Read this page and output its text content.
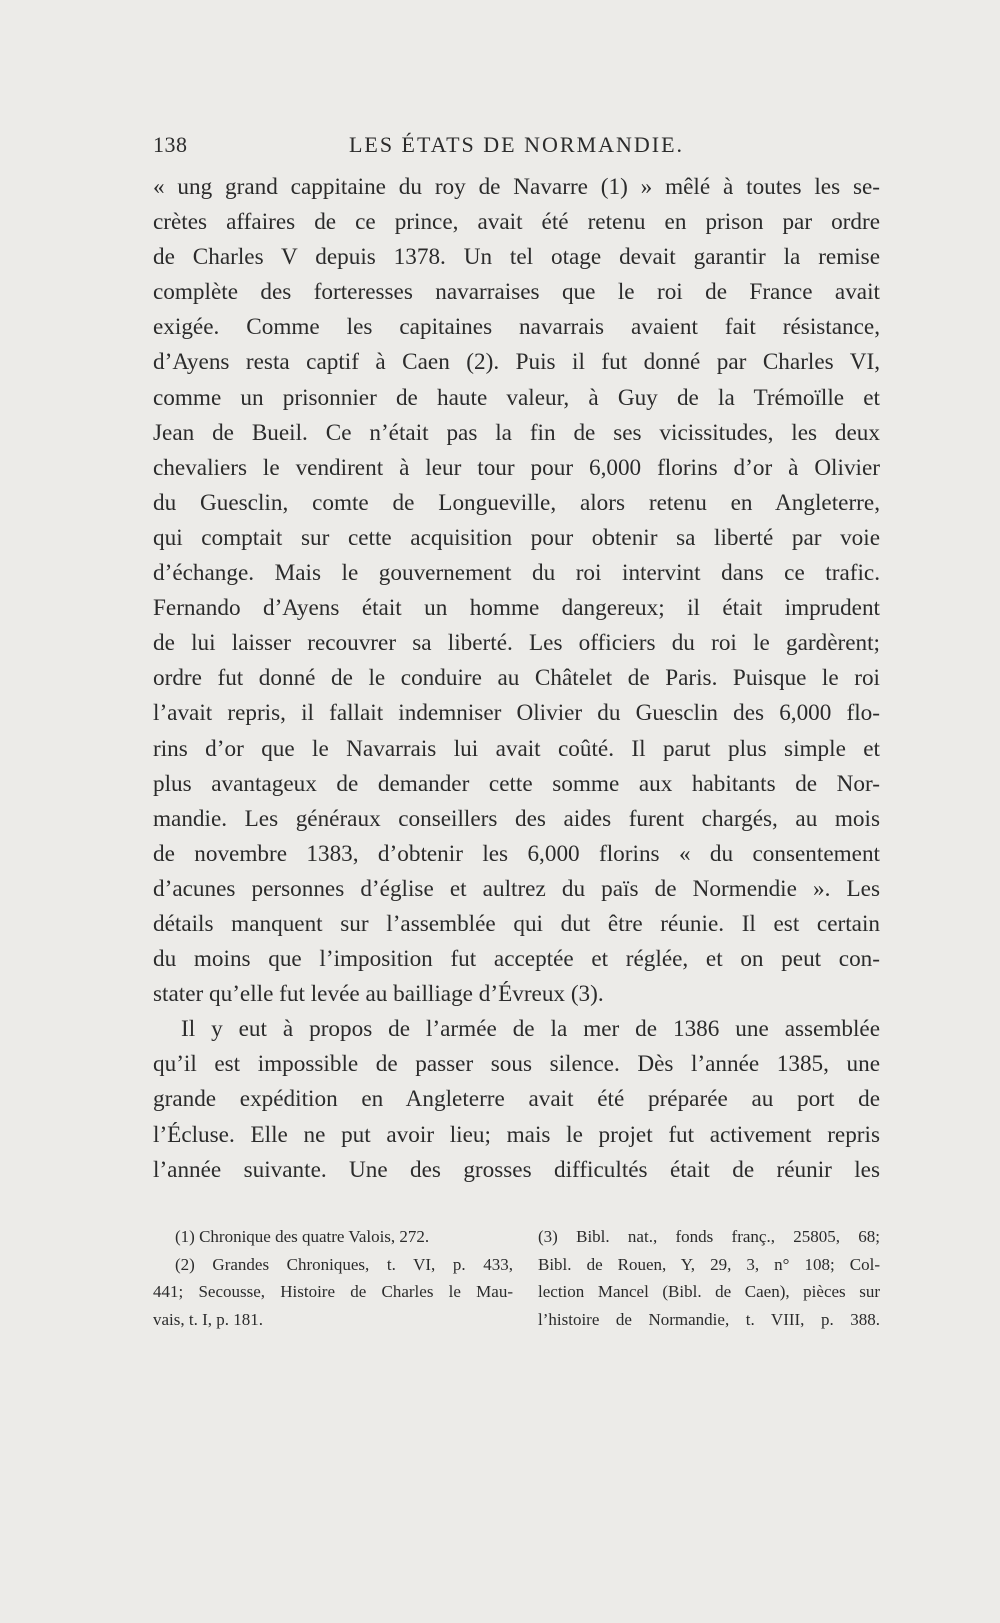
138	LES ÉTATS DE NORMANDIE.
« ung grand cappitaine du roy de Navarre (1) » mêlé à toutes les se-
crètes affaires de ce prince, avait été retenu en prison par ordre
de Charles V depuis 1378. Un tel otage devait garantir la remise
complète des forteresses navarraises que le roi de France avait
exigée. Comme les capitaines navarrais avaient fait résistance,
d’Ayens resta captif à Caen (2). Puis il fut donné par Charles VI,
comme un prisonnier de haute valeur, à Guy de la Trémoïlle et
Jean de Bueil. Ce n’était pas la fin de ses vicissitudes, les deux
chevaliers le vendirent à leur tour pour 6,000 florins d’or à Olivier
du Guesclin, comte de Longueville, alors retenu en Angleterre,
qui comptait sur cette acquisition pour obtenir sa liberté par voie
d’échange. Mais le gouvernement du roi intervint dans ce trafic.
Fernando d’Ayens était un homme dangereux; il était imprudent
de lui laisser recouvrer sa liberté. Les officiers du roi le gardèrent;
ordre fut donné de le conduire au Châtelet de Paris. Puisque le roi
l’avait repris, il fallait indemniser Olivier du Guesclin des 6,000 flo-
rins d’or que le Navarrais lui avait coûté. Il parut plus simple et
plus avantageux de demander cette somme aux habitants de Nor-
mandie. Les généraux conseillers des aides furent chargés, au mois
de novembre 1383, d’obtenir les 6,000 florins « du consentement
d’acunes personnes d’église et aultrez du païs de Normendie ». Les
détails manquent sur l’assemblée qui dut être réunie. Il est certain
du moins que l’imposition fut acceptée et réglée, et on peut con-
stater qu’elle fut levée au bailliage d’Évreux (3).
Il y eut à propos de l’armée de la mer de 1386 une assemblée
qu’il est impossible de passer sous silence. Dès l’année 1385, une
grande expédition en Angleterre avait été préparée au port de
l’Écluse. Elle ne put avoir lieu; mais le projet fut activement repris
l’année suivante. Une des grosses difficultés était de réunir les
(1) Chronique des quatre Valois, 272.
(2) Grandes Chroniques, t. VI, p. 433,
441; Secousse, Histoire de Charles le Mau-
vais, t. I, p. 181.
(3) Bibl. nat., fonds franç., 25805, 68;
Bibl. de Rouen, Y, 29, 3, n° 108; Col-
lection Mancel (Bibl. de Caen), pièces sur
l’histoire de Normandie, t. VIII, p. 388.
